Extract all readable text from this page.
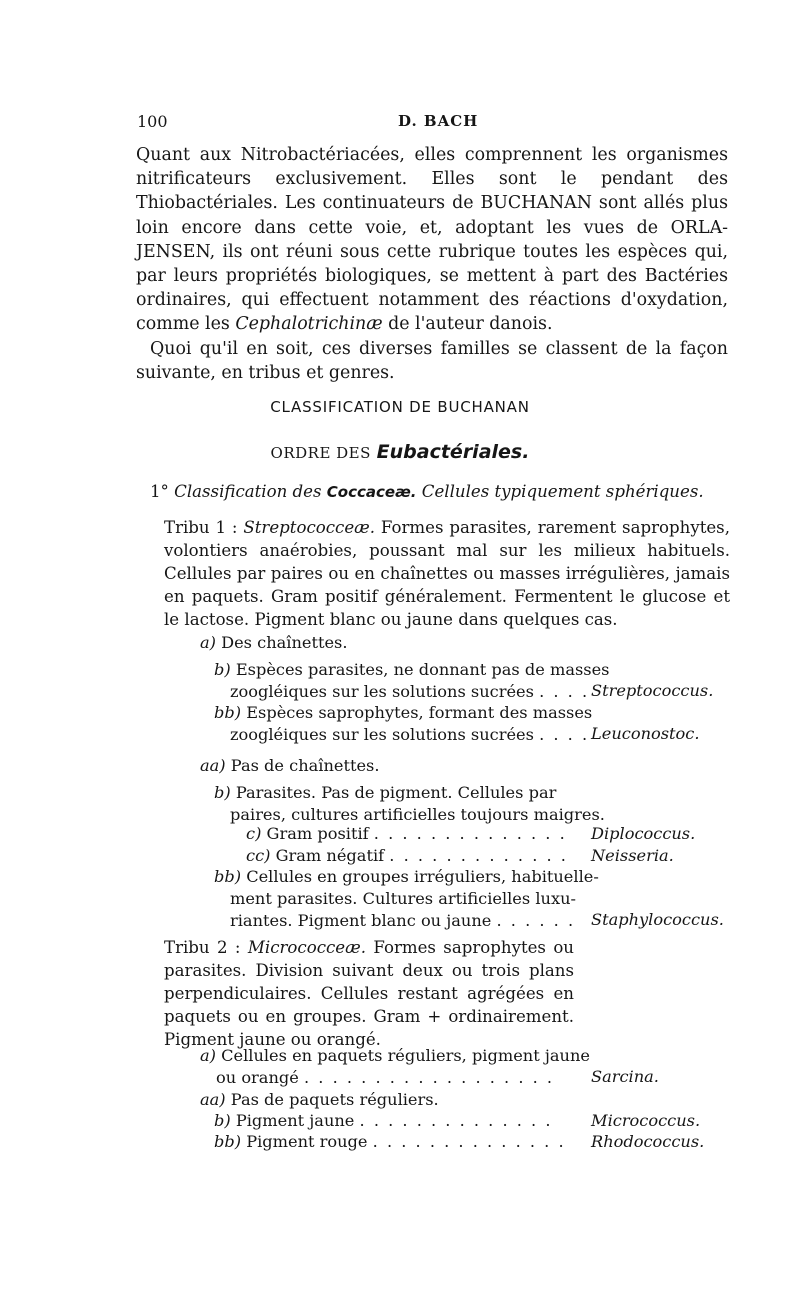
100	D. BACH

Quant aux Nitrobactériacées, elles comprennent les organismes nitrificateurs exclusivement. Elles sont le pendant des Thiobactériales. Les continuateurs de BUCHANAN sont allés plus loin encore dans cette voie, et, adoptant les vues de ORLA-JENSEN, ils ont réuni sous cette rubrique toutes les espèces qui, par leurs propriétés biologiques, se mettent à part des Bactéries ordinaires, qui effectuent notamment des réactions d'oxydation, comme les Cephalotrichinæ de l'auteur danois.

Quoi qu'il en soit, ces diverses familles se classent de la façon suivante, en tribus et genres.

CLASSIFICATION DE BUCHANAN
ORDRE DES Eubactériales.
1° Classification des Coccaceæ. Cellules typiquement sphériques.

Tribu 1 : Streptococceæ. Formes parasites, rarement saprophytes, volontiers anaérobies, poussant mal sur les milieux habituels. Cellules par paires ou en chaînettes ou masses irrégulières, jamais en paquets. Gram positif généralement. Fermentent le glucose et le lactose. Pigment blanc ou jaune dans quelques cas.

a) Des chaînettes.
b) Espèces parasites, ne donnant pas de masses
zoogléiques sur les solutions sucrées . . . . Streptococcus.
bb) Espèces saprophytes, formant des masses
zoogléiques sur les solutions sucrées . . . . Leuconostoc.
aa) Pas de chaînettes.
b) Parasites. Pas de pigment. Cellules par
paires, cultures artificielles toujours maigres.
c) Gram positif . . . . . . . . . . . . . . Diplococcus.
cc) Gram négatif . . . . . . . . . . . . . Neisseria.
bb) Cellules en groupes irréguliers, habituelle-
ment parasites. Cultures artificielles luxu-
riantes. Pigment blanc ou jaune . . . . . . Staphylococcus.

Tribu 2 : Micrococceæ. Formes saprophytes ou parasites. Division suivant deux ou trois plans perpendiculaires. Cellules restant agrégées en paquets ou en groupes. Gram + ordinairement. Pigment jaune ou orangé.

a) Cellules en paquets réguliers, pigment jaune
ou orangé . . . . . . . . . . . . . . . . . .	Sarcina.
aa) Pas de paquets réguliers.
b) Pigment jaune . . . . . . . . . . . . . . Micrococcus.
bb) Pigment rouge . . . . . . . . . . . . . . Rhodococcus.
